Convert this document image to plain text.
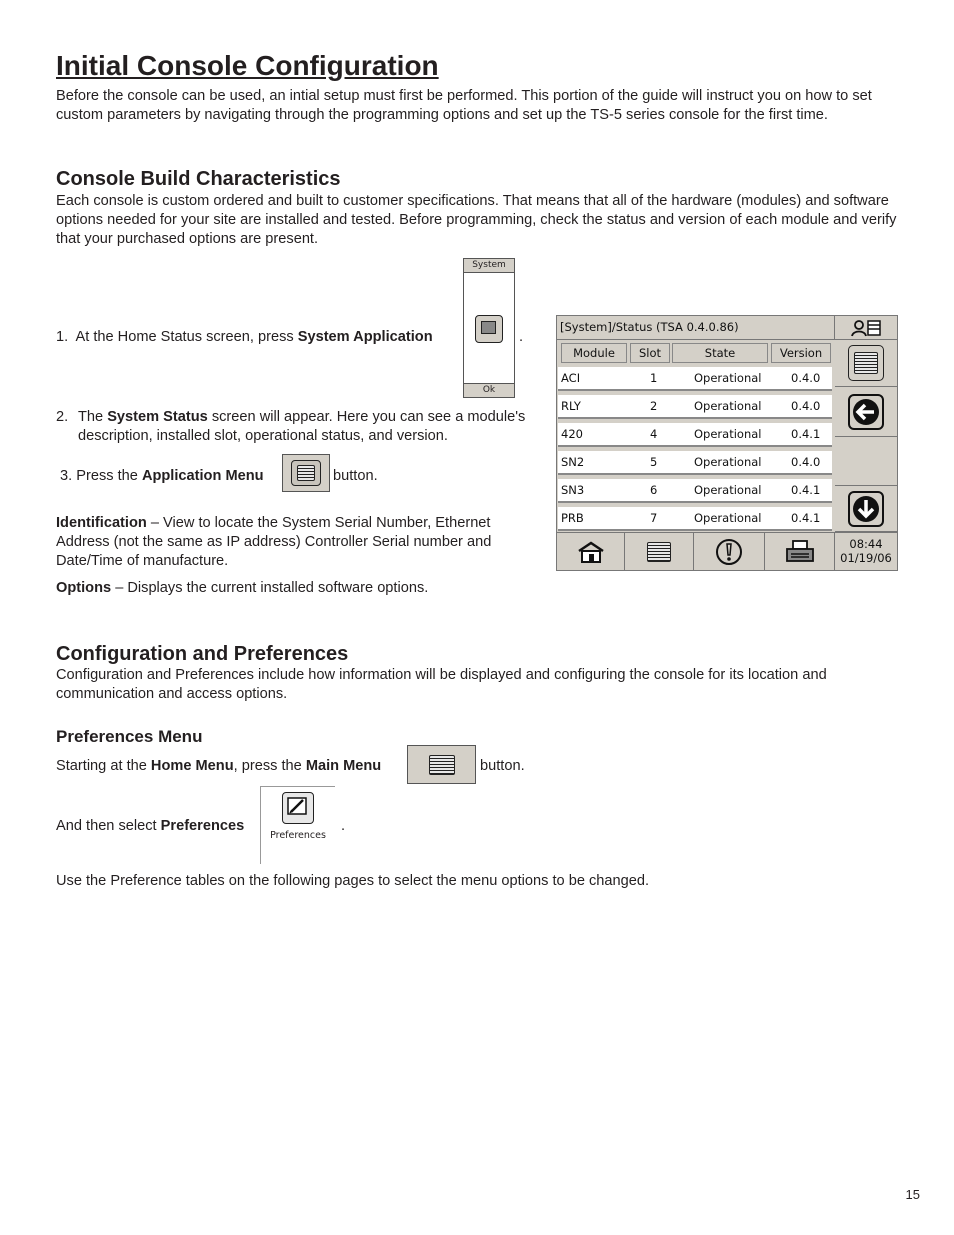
Initial Console Configuration

Before the console can be used, an intial setup must first be performed. This portion of the guide will instruct you on how to set custom parameters by navigating through the programming options and set up the TS-5 series console for the first time.

Console Build Characteristics

Each console is custom ordered and built to customer specifications. That means that all of the hardware (modules) and software options needed for your site are installed and tested. Before programming, check the status and version of each module and verify that your purchased options are present.

1. At the Home Status screen, press System Application
System
Ok
.
2. The System Status screen will appear. Here you can see a module's description, installed slot, operational status, and version.
3. Press the Application Menu	button.

Identification – View to locate the System Serial Number, Ethernet Address (not the same as IP address) Controller Serial number and Date/Time of manufacture.

Options – Displays the current installed software options.

[System]/Status (TSA 0.4.0.86)
Module	Slot	State	Version
ACI	1	Operational	0.4.0
RLY	2	Operational	0.4.0
420	4	Operational	0.4.1
SN2	5	Operational	0.4.0
SN3	6	Operational	0.4.1
PRB	7	Operational	0.4.1
08:44
01/19/06
Configuration and Preferences

Configuration and Preferences include how information will be displayed and configuring the console for its location and communication and access options.

Preferences Menu
Starting at the Home Menu, press the Main Menu	button.
And then select Preferences
Preferences
.

Use the Preference tables on the following pages to select the menu options to be changed.

15
